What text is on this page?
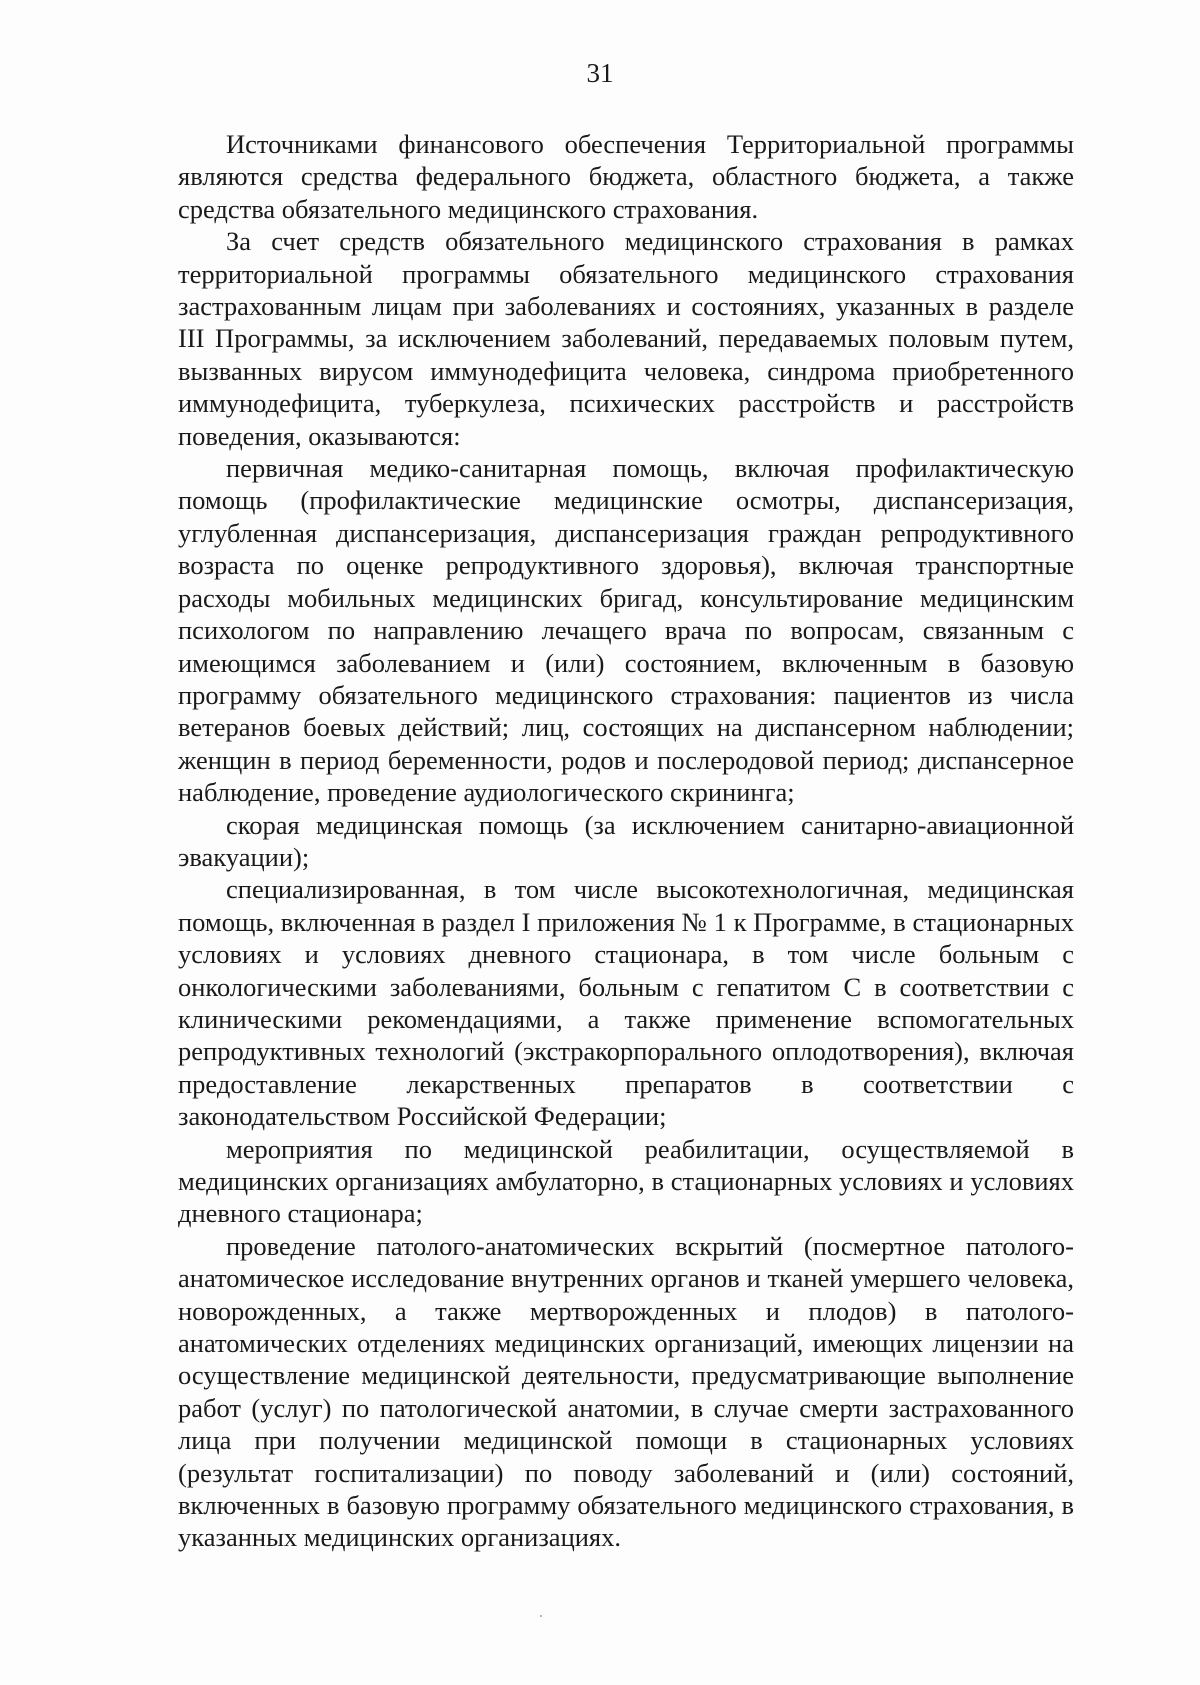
31

Источниками финансового обеспечения Территориальной программы являются средства федерального бюджета, областного бюджета, а также средства обязательного медицинского страхования.

За счет средств обязательного медицинского страхования в рамках территориальной программы обязательного медицинского страхования застрахованным лицам при заболеваниях и состояниях, указанных в разделе III Программы, за исключением заболеваний, передаваемых половым путем, вызванных вирусом иммунодефицита человека, синдрома приобретенного иммунодефицита, туберкулеза, психических расстройств и расстройств поведения, оказываются:

первичная медико-санитарная помощь, включая профилактическую помощь (профилактические медицинские осмотры, диспансеризация, углубленная диспансеризация, диспансеризация граждан репродуктивного возраста по оценке репродуктивного здоровья), включая транспортные расходы мобильных медицинских бригад, консультирование медицинским психологом по направлению лечащего врача по вопросам, связанным с имеющимся заболеванием и (или) состоянием, включенным в базовую программу обязательного медицинского страхования: пациентов из числа ветеранов боевых действий; лиц, состоящих на диспансерном наблюдении; женщин в период беременности, родов и послеродовой период; диспансерное наблюдение, проведение аудиологического скрининга;

скорая медицинская помощь (за исключением санитарно-авиационной эвакуации);

специализированная, в том числе высокотехнологичная, медицинская помощь, включенная в раздел I приложения № 1 к Программе, в стационарных условиях и условиях дневного стационара, в том числе больным с онкологическими заболеваниями, больным с гепатитом С в соответствии с клиническими рекомендациями, а также применение вспомогательных репродуктивных технологий (экстракорпорального оплодотворения), включая предоставление лекарственных препаратов в соответствии с законодательством Российской Федерации;

мероприятия по медицинской реабилитации, осуществляемой в медицинских организациях амбулаторно, в стационарных условиях и условиях дневного стационара;

проведение патолого-анатомических вскрытий (посмертное патолого-анатомическое исследование внутренних органов и тканей умершего человека, новорожденных, а также мертворожденных и плодов) в патолого-анатомических отделениях медицинских организаций, имеющих лицензии на осуществление медицинской деятельности, предусматривающие выполнение работ (услуг) по патологической анатомии, в случае смерти застрахованного лица при получении медицинской помощи в стационарных условиях (результат госпитализации) по поводу заболеваний и (или) состояний, включенных в базовую программу обязательного медицинского страхования, в указанных медицинских организациях.
